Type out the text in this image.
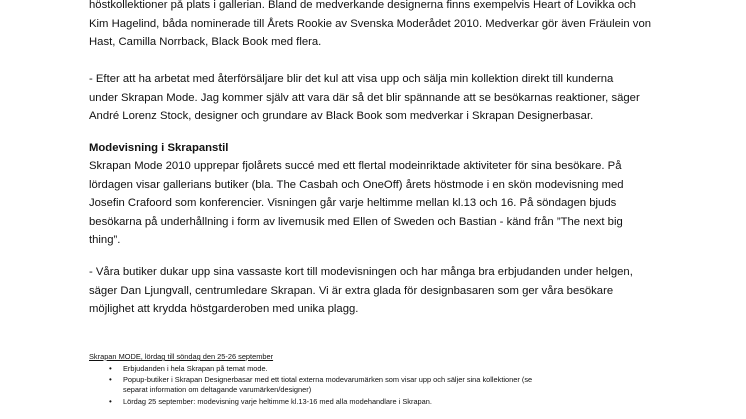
höstkollektioner på plats i gallerian. Bland de medverkande designerna finns exempelvis Heart of Lovikka och
Kim Hagelind, båda nominerade till Årets Rookie av Svenska Moderådet 2010. Medverkar gör även Fräulein von
Hast, Camilla Norrback, Black Book med flera.
- Efter att ha arbetat med återförsäljare blir det kul att visa upp och sälja min kollektion direkt till kunderna
under Skrapan Mode. Jag kommer själv att vara där så det blir spännande att se besökarnas reaktioner, säger
André Lorenz Stock, designer och grundare av Black Book som medverkar i Skrapan Designerbasar.
Modevisning i Skrapanstil
Skrapan Mode 2010 upprepar fjolårets succé med ett flertal modeinriktade aktiviteter för sina besökare. På
lördagen visar gallerians butiker (bla. The Casbah och OneOff) årets höstmode i en skön modevisning med
Josefin Crafoord som konferencier. Visningen går varje heltimme mellan kl.13 och 16. På söndagen bjuds
besökarna på underhållning i form av livemusik med Ellen of Sweden och Bastian - känd från ”The next big
thing”.
- Våra butiker dukar upp sina vassaste kort till modevisningen och har många bra erbjudanden under helgen,
säger Dan Ljungvall, centrumledare Skrapan. Vi är extra glada för designbasaren som ger våra besökare
möjlighet att krydda höstgarderoben med unika plagg.
Skrapan MODE, lördag till söndag den 25-26 september
• Erbjudanden i hela Skrapan på temat mode.
• Popup-butiker i Skrapan Designerbasar med ett tiotal externa modevarumärken som visar upp och säljer sina kollektioner (se
separat information om deltagande varumärken/designer)
• Lördag 25 september: modevisning varje heltimme kl.13-16 med alla modehandlare i Skrapan.
